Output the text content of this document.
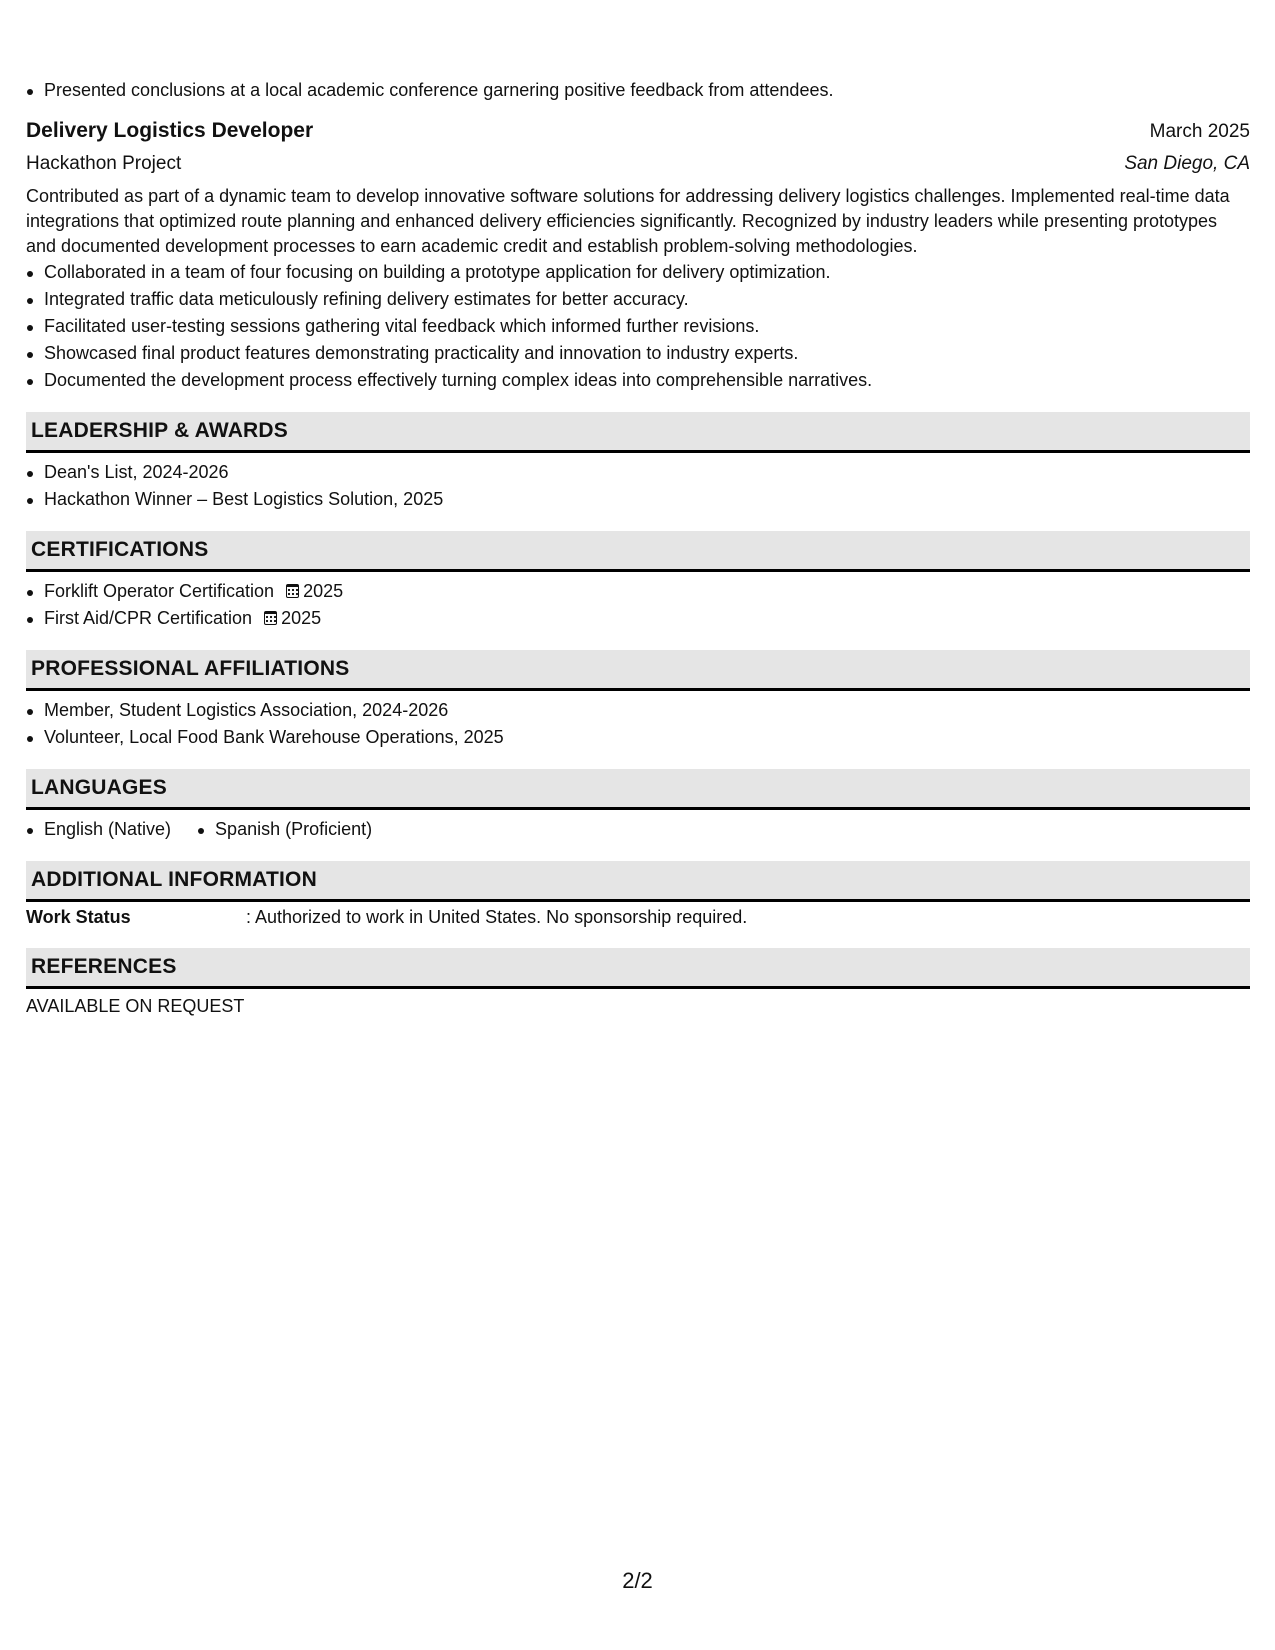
Presented conclusions at a local academic conference garnering positive feedback from attendees.
Delivery Logistics Developer	March 2025
Hackathon Project	San Diego, CA
Contributed as part of a dynamic team to develop innovative software solutions for addressing delivery logistics challenges. Implemented real-time data integrations that optimized route planning and enhanced delivery efficiencies significantly. Recognized by industry leaders while presenting prototypes and documented development processes to earn academic credit and establish problem-solving methodologies.
Collaborated in a team of four focusing on building a prototype application for delivery optimization.
Integrated traffic data meticulously refining delivery estimates for better accuracy.
Facilitated user-testing sessions gathering vital feedback which informed further revisions.
Showcased final product features demonstrating practicality and innovation to industry experts.
Documented the development process effectively turning complex ideas into comprehensible narratives.
LEADERSHIP & AWARDS
Dean's List, 2024-2026
Hackathon Winner – Best Logistics Solution, 2025
CERTIFICATIONS
Forklift Operator Certification 2025
First Aid/CPR Certification 2025
PROFESSIONAL AFFILIATIONS
Member, Student Logistics Association, 2024-2026
Volunteer, Local Food Bank Warehouse Operations, 2025
LANGUAGES
English (Native)	Spanish (Proficient)
ADDITIONAL INFORMATION
Work Status	: Authorized to work in United States. No sponsorship required.
REFERENCES
AVAILABLE ON REQUEST
2/2
